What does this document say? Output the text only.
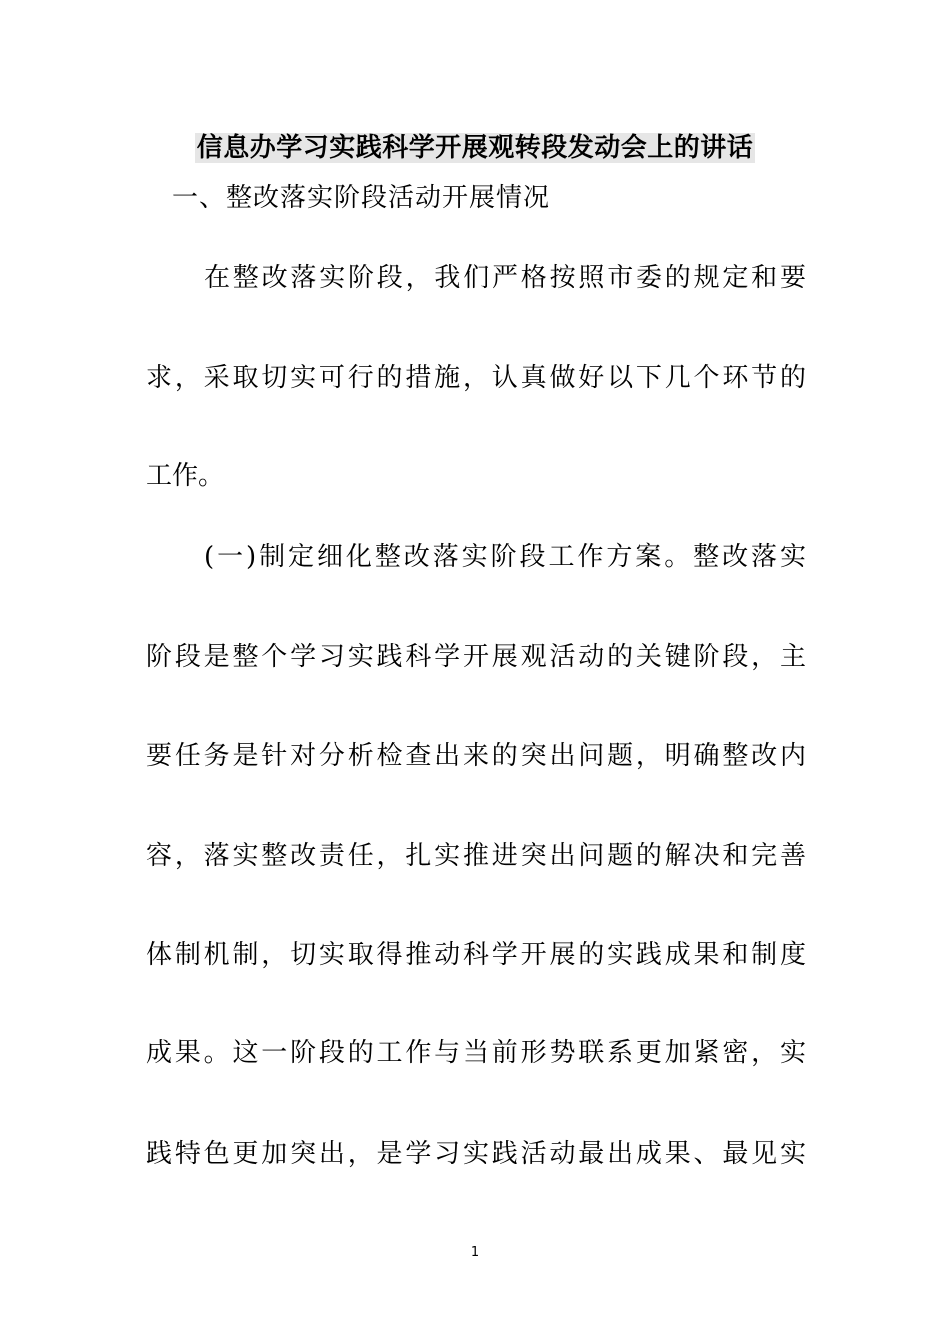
信息办学习实践科学开展观转段发动会上的讲话
一、整改落实阶段活动开展情况
在整改落实阶段，我们严格按照市委的规定和要
求，采取切实可行的措施，认真做好以下几个环节的
工作。
(一)制定细化整改落实阶段工作方案。整改落实
阶段是整个学习实践科学开展观活动的关键阶段，主
要任务是针对分析检查出来的突出问题，明确整改内
容，落实整改责任，扎实推进突出问题的解决和完善
体制机制，切实取得推动科学开展的实践成果和制度
成果。这一阶段的工作与当前形势联系更加紧密，实
践特色更加突出，是学习实践活动最出成果、最见实
1
